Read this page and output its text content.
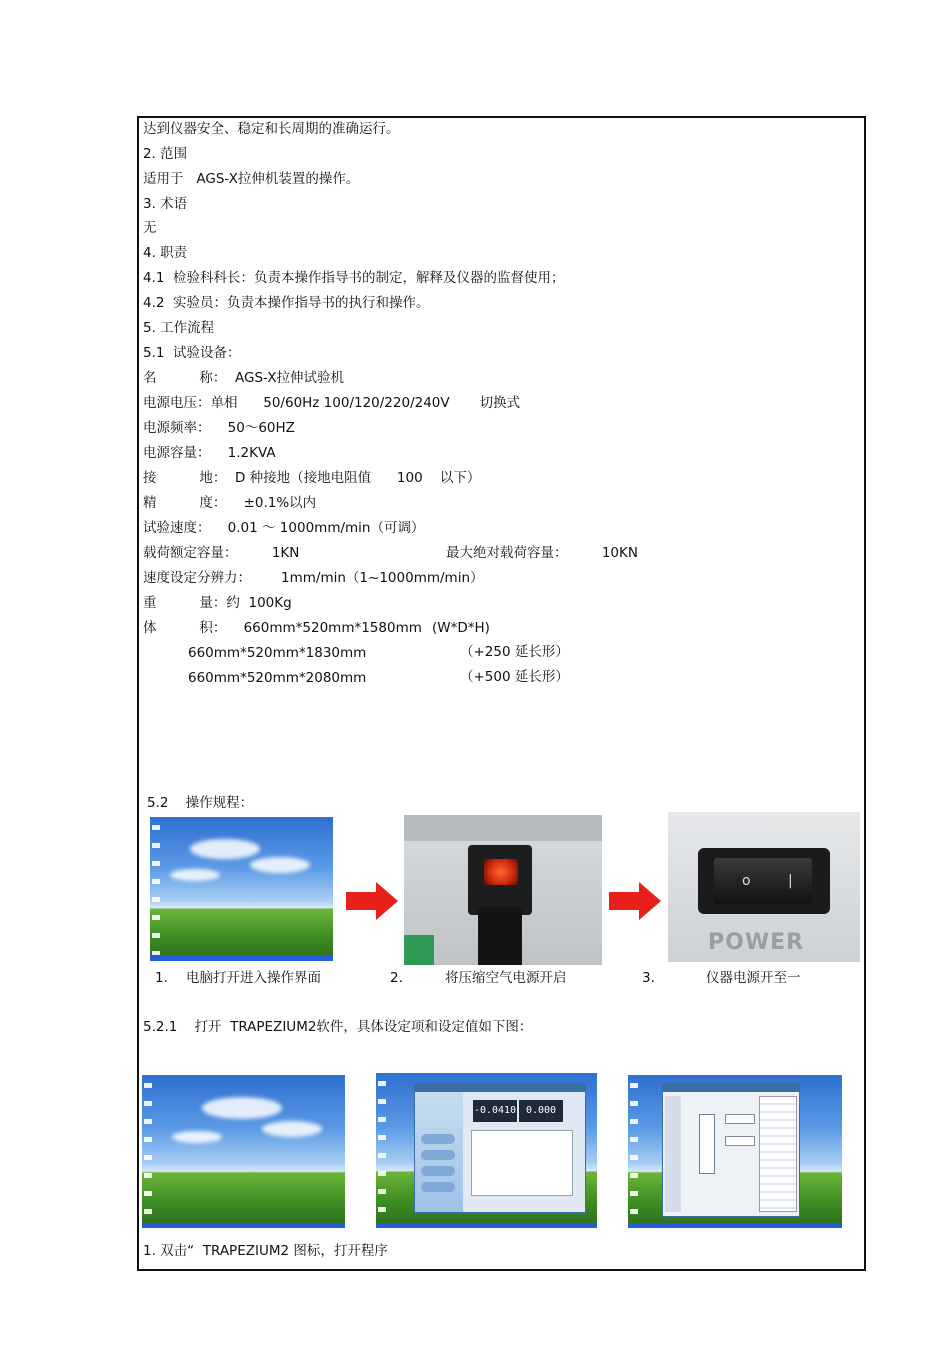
达到仪器安全、稳定和长周期的准确运行。
2. 范围
适用于   AGS-X拉伸机装置的操作。
3. 术语
无
4. 职责
4.1  检验科科长：负责本操作指导书的制定，解释及仪器的监督使用；
4.2  实验员：负责本操作指导书的执行和操作。
5. 工作流程
5.1  试验设备：
名          称：  AGS-X拉伸试验机
电源电压：单相      50/60Hz 100/120/220/240V       切换式
电源频率：    50～60HZ
电源容量：    1.2KVA
接          地：  D 种接地（接地电阻值      100    以下）
精          度：    ±0.1%以内
试验速度：    0.01 ～ 1000mm/min（可调）
载荷额定容量：        1KN	最大绝对载荷容量：        10KN
速度设定分辨力：       1mm/min（1~1000mm/min）
重          量：约  100Kg
体          积：    660mm*520mm*1580mm (W*D*H)
660mm*520mm*1830mm	（+250 延长形）
660mm*520mm*2080mm	（+500 延长形）
5.2    操作规程：
o	|
POWER
1. 电脑打开进入操作界面	2.	将压缩空气电源开启	3.	仪器电源开至一
5.2.1    打开  TRAPEZIUM2软件，具体设定项和设定值如下图：
-0.0410 0.000
1. 双击“  TRAPEZIUM2 图标，打开程序
